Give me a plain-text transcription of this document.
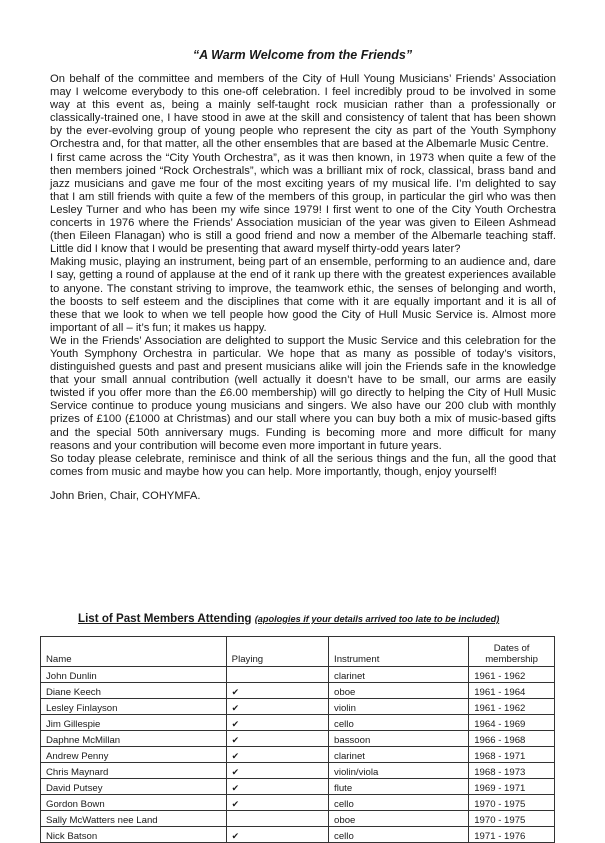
“A Warm Welcome from the Friends”

On behalf of the committee and members of the City of Hull Young Musicians’ Friends’ Association may I welcome everybody to this one-off celebration. I feel incredibly proud to be involved in some way at this event as, being a mainly self-taught rock musician rather than a professionally or classically-trained one, I have stood in awe at the skill and consistency of talent that has been shown by the ever-evolving group of young people who represent the city as part of the Youth Symphony Orchestra and, for that matter, all the other ensembles that are based at the Albemarle Music Centre.

I first came across the “City Youth Orchestra”, as it was then known, in 1973 when quite a few of the then members joined “Rock Orchestrals”, which was a brilliant mix of rock, classical, brass band and jazz musicians and gave me four of the most exciting years of my musical life. I’m delighted to say that I am still friends with quite a few of the members of this group, in particular the girl who was then Lesley Turner and who has been my wife since 1979! I first went to one of the City Youth Orchestra concerts in 1976 where the Friends’ Association musician of the year was given to Eileen Ashmead (then Eileen Flanagan) who is still a good friend and now a member of the Albemarle teaching staff. Little did I know that I would be presenting that award myself thirty-odd years later?

Making music, playing an instrument, being part of an ensemble, performing to an audience and, dare I say, getting a round of applause at the end of it rank up there with the greatest experiences available to anyone. The constant striving to improve, the teamwork ethic, the senses of belonging and worth, the boosts to self esteem and the disciplines that come with it are equally important and it is all of these that we look to when we tell people how good the City of Hull Music Service is. Almost more important of all – it’s fun; it makes us happy.

We in the Friends’ Association are delighted to support the Music Service and this celebration for the Youth Symphony Orchestra in particular. We hope that as many as possible of today’s visitors, distinguished guests and past and present musicians alike will join the Friends safe in the knowledge that your small annual contribution (well actually it doesn’t have to be small, our arms are easily twisted if you offer more than the £6.00 membership) will go directly to helping the City of Hull Music Service continue to produce young musicians and singers. We also have our 200 club with monthly prizes of £100 (£1000 at Christmas) and our stall where you can buy both a mix of music-based gifts and the special 50th anniversary mugs. Funding is becoming more and more difficult for many reasons and your contribution will become even more important in future years.

So today please celebrate, reminisce and think of all the serious things and the fun, all the good that comes from music and maybe how you can help. More importantly, though, enjoy yourself!

John Brien, Chair, COHYMFA.

List of Past Members Attending (apologies if your details arrived too late to be included)
Name	Playing	Instrument	Dates of
membership
John Dunlin		clarinet	1961 - 1962
Diane Keech	✔	oboe	1961 - 1964
Lesley Finlayson	✔	violin	1961 - 1962
Jim Gillespie	✔	cello	1964 - 1969
Daphne McMillan	✔	bassoon	1966 - 1968
Andrew Penny	✔	clarinet	1968 - 1971
Chris Maynard	✔	violin/viola	1968 - 1973
David Putsey	✔	flute	1969 - 1971
Gordon Bown	✔	cello	1970 - 1975
Sally McWatters nee Land		oboe	1970 - 1975
Nick Batson	✔	cello	1971 - 1976
